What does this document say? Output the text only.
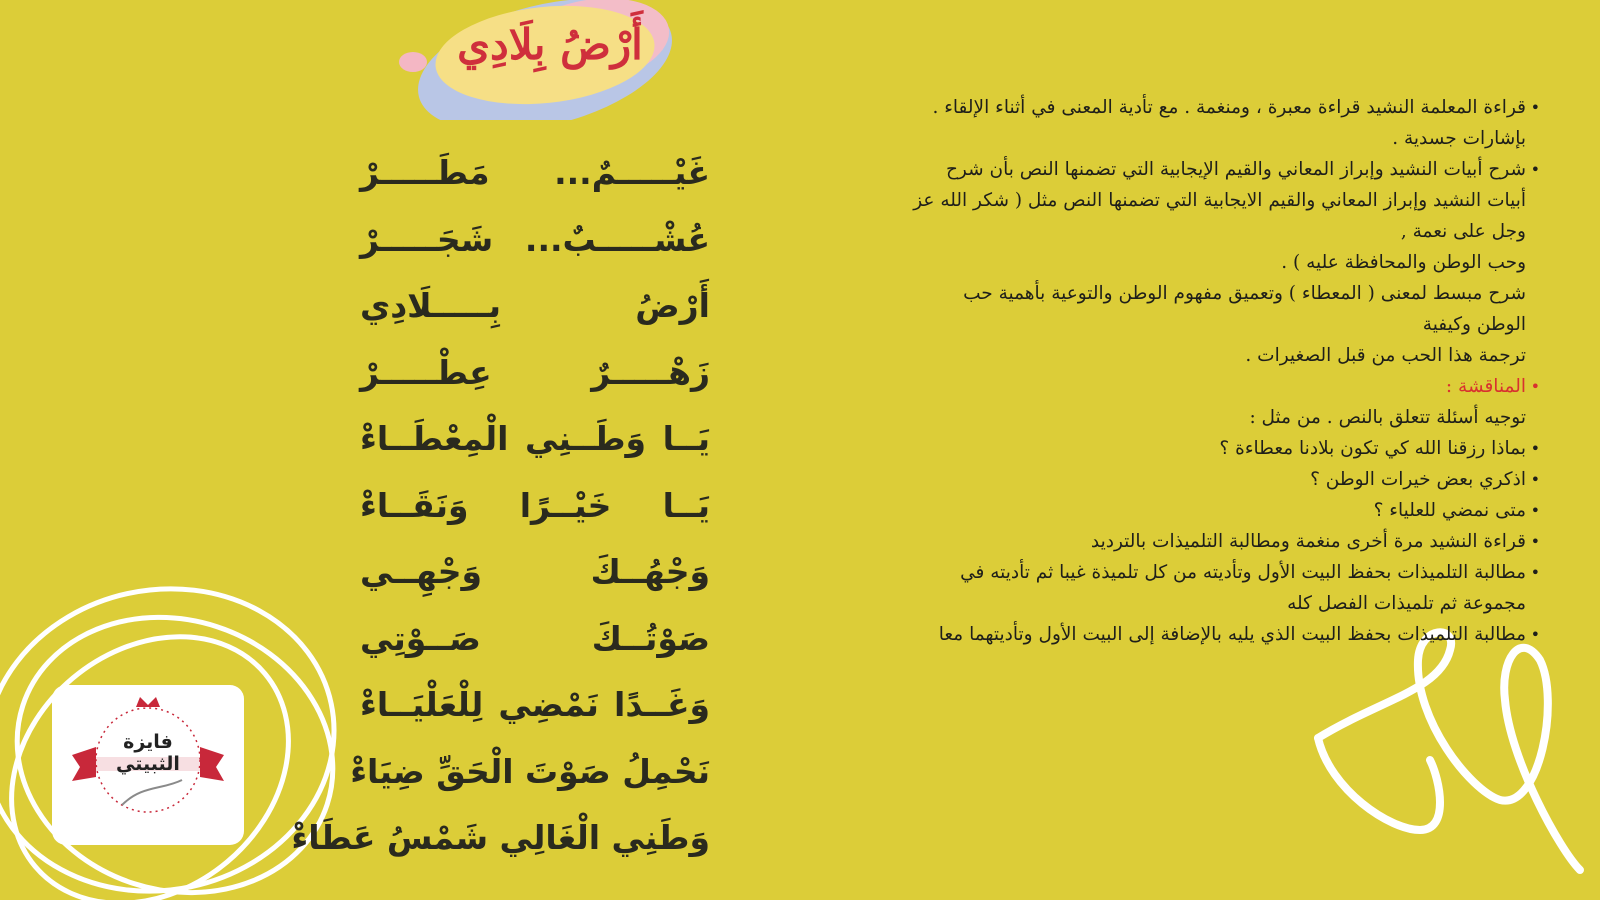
أَرْضُ بِلَادِي
غَيْـــــمٌ... مَطَـــــرْ
عُشْـــــبٌ... شَجَـــــرْ
أَرْضُ بِـــــلَادِي
زَهْـــــرٌ عِطْـــــرْ
يَــا وَطَــنِي الْمِعْطَــاءْ
يَــا خَيْــرًا وَنَقَــاءْ
وَجْهُــكَ وَجْهِــي
صَوْتُــكَ صَــوْتِي
وَغَــدًا نَمْضِي لِلْعَلْيَــاءْ
نَحْمِلُ صَوْتَ الْحَقِّ ضِيَاءْ
وَطَنِي الْغَالِي شَمْسُ عَطَاءْ
• قراءة المعلمة النشيد قراءة معبرة ، ومنغمة . مع تأدية المعنى في أثناء الإلقاء .
بإشارات جسدية .
• شرح أبيات النشيد وإبراز المعاني والقيم الإيجابية التي تضمنها النص بأن شرح
أبيات النشيد وإبراز المعاني والقيم الايجابية التي تضمنها النص مثل ( شكر الله عز
وجل على نعمة ,
وحب الوطن والمحافظة عليه ) .
شرح مبسط لمعنى ( المعطاء ) وتعميق مفهوم الوطن والتوعية بأهمية حب
الوطن وكيفية
ترجمة هذا الحب من قبل الصغيرات .
• المناقشة :
توجيه أسئلة تتعلق بالنص . من مثل :
• بماذا رزقنا الله كي تكون بلادنا معطاءة ؟
• اذكري بعض خيرات الوطن ؟
• متى نمضي للعلياء ؟
• قراءة النشيد مرة أخرى منغمة ومطالبة التلميذات بالترديد
• مطالبة التلميذات بحفظ البيت الأول وتأديته من كل تلميذة غيبا ثم تأديته في
مجموعة ثم تلميذات الفصل كله
• مطالبة التلميذات بحفظ البيت الذي يليه بالإضافة إلى البيت الأول وتأديتهما معا
فايزة
الثبيتي
